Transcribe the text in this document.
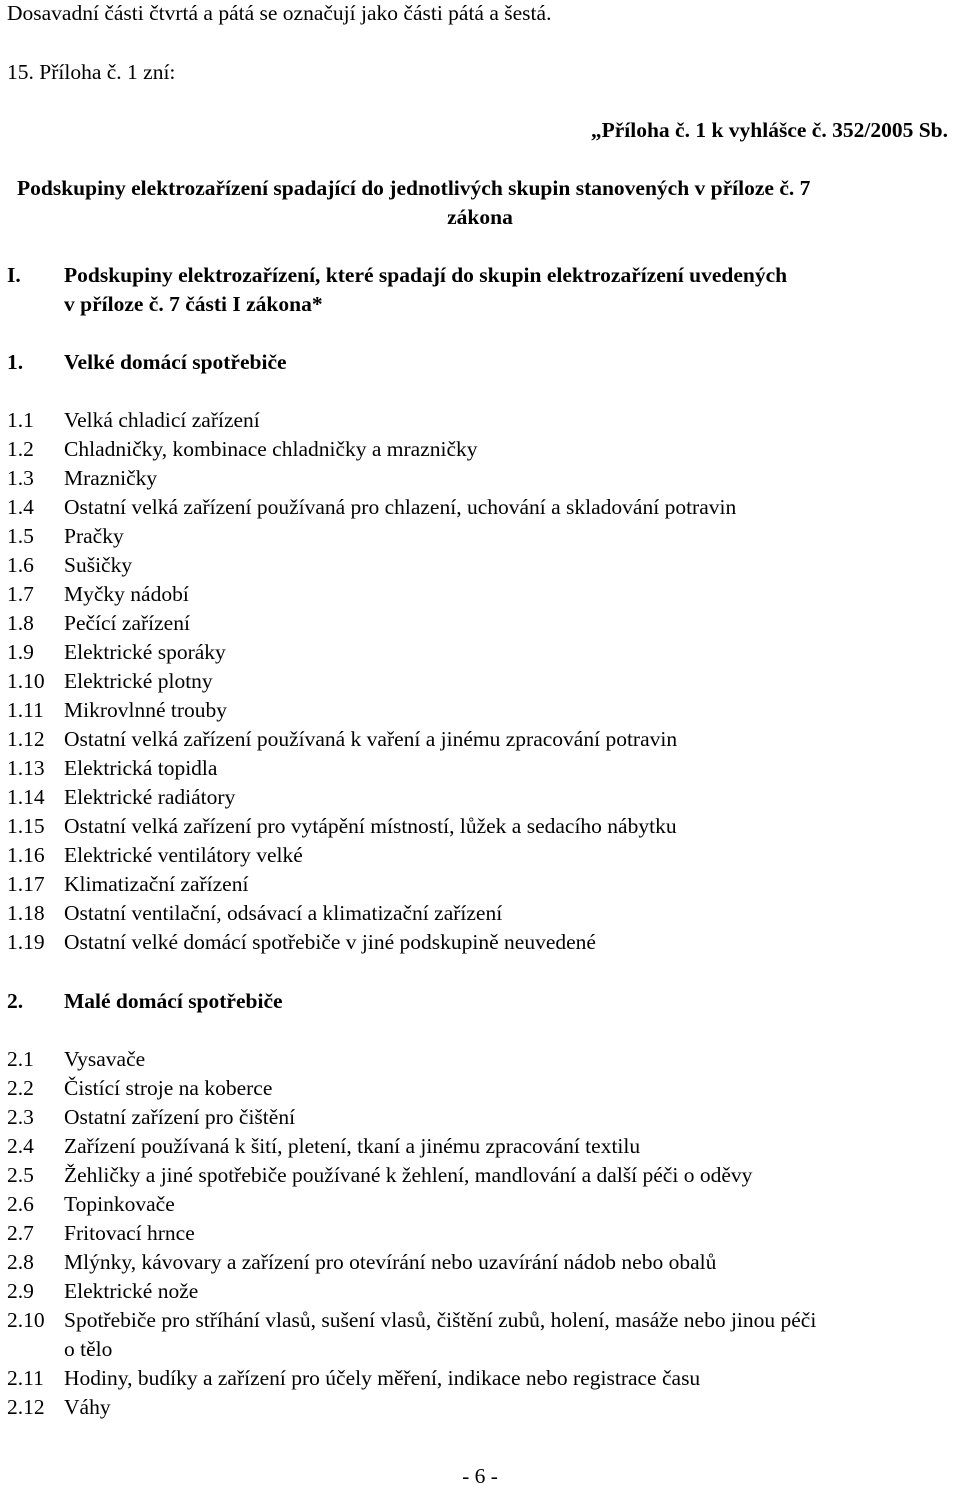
Dosavadní části čtvrtá a pátá se označují jako části pátá a šestá.
15. Příloha č. 1 zní:
„Příloha č. 1 k vyhlášce č. 352/2005 Sb.
Podskupiny elektrozařízení spadající do jednotlivých skupin stanovených v příloze č. 7
zákona
I. Podskupiny elektrozařízení, které spadají do skupin elektrozařízení uvedených
v příloze č. 7 části I zákona*
1. Velké domácí spotřebiče
1.1 Velká chladicí zařízení
1.2 Chladničky, kombinace chladničky a mrazničky
1.3 Mrazničky
1.4 Ostatní velká zařízení používaná pro chlazení, uchování a skladování potravin
1.5 Pračky
1.6 Sušičky
1.7 Myčky nádobí
1.8 Pečící zařízení
1.9 Elektrické sporáky
1.10 Elektrické plotny
1.11 Mikrovlnné trouby
1.12 Ostatní velká zařízení používaná k vaření a jinému zpracování potravin
1.13 Elektrická topidla
1.14 Elektrické radiátory
1.15 Ostatní velká zařízení pro vytápění místností, lůžek a sedacího nábytku
1.16 Elektrické ventilátory velké
1.17 Klimatizační zařízení
1.18 Ostatní ventilační, odsávací a klimatizační zařízení
1.19 Ostatní velké domácí spotřebiče v jiné podskupině neuvedené
2. Malé domácí spotřebiče
2.1 Vysavače
2.2 Čistící stroje na koberce
2.3 Ostatní zařízení pro čištění
2.4 Zařízení používaná k šití, pletení, tkaní a jinému zpracování textilu
2.5 Žehličky a jiné spotřebiče používané k žehlení, mandlování a další péči o oděvy
2.6 Topinkovače
2.7 Fritovací hrnce
2.8 Mlýnky, kávovary a zařízení pro otevírání nebo uzavírání nádob nebo obalů
2.9 Elektrické nože
2.10 Spotřebiče pro stříhání vlasů, sušení vlasů, čištění zubů, holení, masáže nebo jinou péči
o tělo
2.11 Hodiny, budíky a zařízení pro účely měření, indikace nebo registrace času
2.12 Váhy
- 6 -
